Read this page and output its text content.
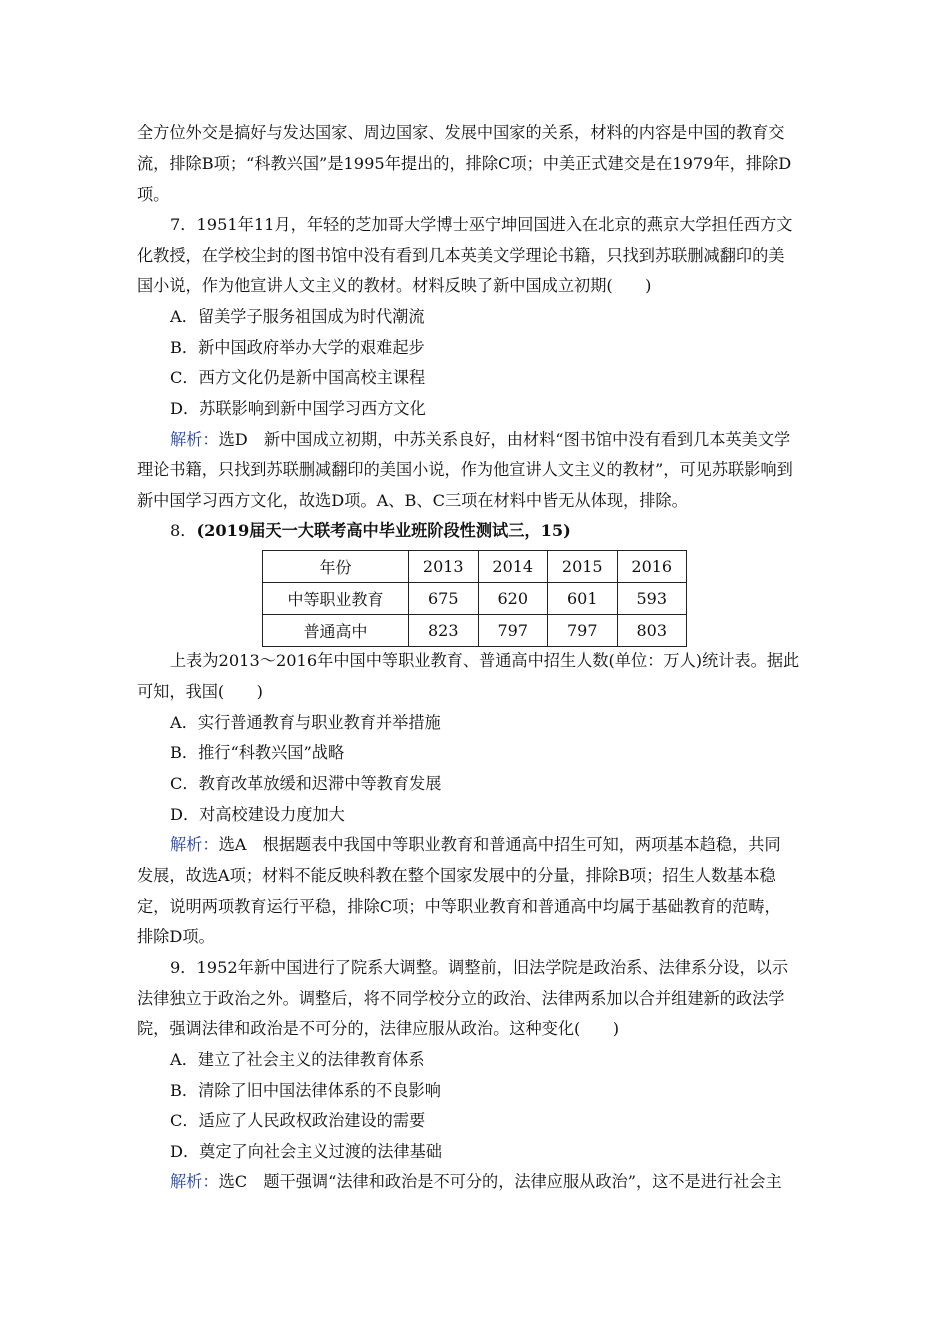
全方位外交是搞好与发达国家、周边国家、发展中国家的关系，材料的内容是中国的教育交
流，排除B项；“科教兴国”是1995年提出的，排除C项；中美正式建交是在1979年，排除D
项。
7．1951年11月，年轻的芝加哥大学博士巫宁坤回国进入在北京的燕京大学担任西方文
化教授，在学校尘封的图书馆中没有看到几本英美文学理论书籍，只找到苏联删减翻印的美
国小说，作为他宣讲人文主义的教材。材料反映了新中国成立初期(　　)
A．留美学子服务祖国成为时代潮流
B．新中国政府举办大学的艰难起步
C．西方文化仍是新中国高校主课程
D．苏联影响到新中国学习西方文化
解析：选D　新中国成立初期，中苏关系良好，由材料“图书馆中没有看到几本英美文学
理论书籍，只找到苏联删减翻印的美国小说，作为他宣讲人文主义的教材”，可见苏联影响到
新中国学习西方文化，故选D项。A、B、C三项在材料中皆无从体现，排除。
8．(2019届天一大联考高中毕业班阶段性测试三，15)
年份	2013	2014	2015	2016
中等职业教育	675	620	601	593
普通高中	823	797	797	803
上表为2013～2016年中国中等职业教育、普通高中招生人数(单位：万人)统计表。据此
可知，我国(　　)
A．实行普通教育与职业教育并举措施
B．推行“科教兴国”战略
C．教育改革放缓和迟滞中等教育发展
D．对高校建设力度加大
解析：选A　根据题表中我国中等职业教育和普通高中招生可知，两项基本趋稳，共同
发展，故选A项；材料不能反映科教在整个国家发展中的分量，排除B项；招生人数基本稳
定，说明两项教育运行平稳，排除C项；中等职业教育和普通高中均属于基础教育的范畴，
排除D项。
9．1952年新中国进行了院系大调整。调整前，旧法学院是政治系、法律系分设，以示
法律独立于政治之外。调整后，将不同学校分立的政治、法律两系加以合并组建新的政法学
院，强调法律和政治是不可分的，法律应服从政治。这种变化(　　)
A．建立了社会主义的法律教育体系
B．清除了旧中国法律体系的不良影响
C．适应了人民政权政治建设的需要
D．奠定了向社会主义过渡的法律基础
解析：选C　题干强调“法律和政治是不可分的，法律应服从政治”，这不是进行社会主
